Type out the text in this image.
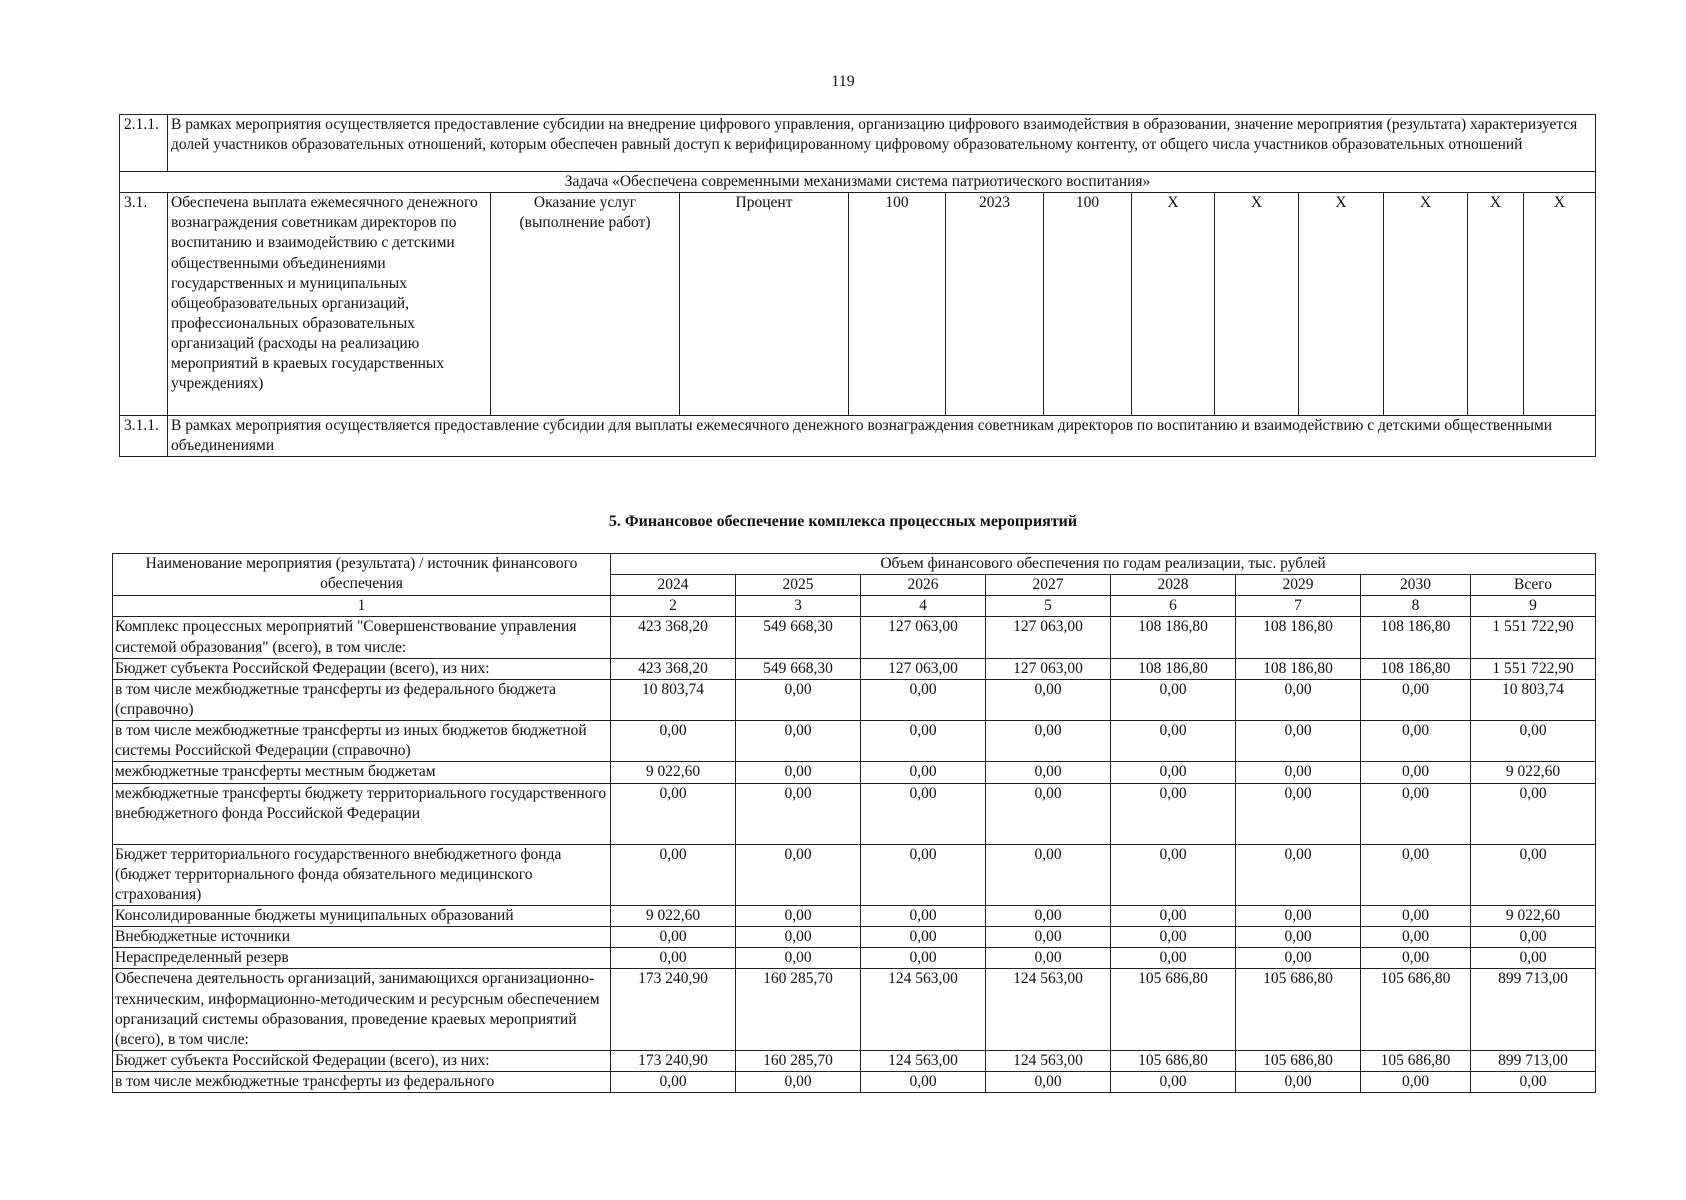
119
2.1.1.	В рамках мероприятия осуществляется предоставление субсидии на внедрение цифрового управления, организацию цифрового взаимодействия в образовании, значение мероприятия (результата) характеризуется долей участников образовательных отношений, которым обеспечен равный доступ к верифицированному цифровому образовательному контенту, от общего числа участников образовательных отношений											
Задача «Обеспечена современными механизмами система патриотического воспитания»												
3.1.	Обеспечена выплата ежемесячного денежного вознаграждения советникам директоров по воспитанию и взаимодействию с детскими общественными объединениями государственных и муниципальных общеобразовательных организаций, профессиональных образовательных организаций (расходы на реализацию мероприятий в краевых государственных учреждениях)	Оказание услуг (выполнение работ)	Процент	100	2023	100	Х	Х	Х	Х	Х	Х
3.1.1.	В рамках мероприятия осуществляется предоставление субсидии для выплаты ежемесячного денежного вознаграждения советникам директоров по воспитанию и взаимодействию с детскими общественными объединениями											
5. Финансовое обеспечение комплекса процессных мероприятий
Наименование мероприятия (результата) / источник финансового обеспечения	Объем финансового обеспечения по годам реализации, тыс. рублей							
	2024	2025	2026	2027	2028	2029	2030	Всего
1	2	3	4	5	6	7	8	9
Комплекс процессных мероприятий "Совершенствование управления системой образования" (всего), в том числе:	423 368,20	549 668,30	127 063,00	127 063,00	108 186,80	108 186,80	108 186,80	1 551 722,90
Бюджет субъекта Российской Федерации (всего), из них:	423 368,20	549 668,30	127 063,00	127 063,00	108 186,80	108 186,80	108 186,80	1 551 722,90
в том числе межбюджетные трансферты из федерального бюджета (справочно)	10 803,74	0,00	0,00	0,00	0,00	0,00	0,00	10 803,74
в том числе межбюджетные трансферты из иных бюджетов бюджетной системы Российской Федерации (справочно)	0,00	0,00	0,00	0,00	0,00	0,00	0,00	0,00
межбюджетные трансферты местным бюджетам	9 022,60	0,00	0,00	0,00	0,00	0,00	0,00	9 022,60
межбюджетные трансферты бюджету территориального государственного внебюджетного фонда Российской Федерации	0,00	0,00	0,00	0,00	0,00	0,00	0,00	0,00
Бюджет территориального государственного внебюджетного фонда (бюджет территориального фонда обязательного медицинского страхования)	0,00	0,00	0,00	0,00	0,00	0,00	0,00	0,00
Консолидированные бюджеты муниципальных образований	9 022,60	0,00	0,00	0,00	0,00	0,00	0,00	9 022,60
Внебюджетные источники	0,00	0,00	0,00	0,00	0,00	0,00	0,00	0,00
Нераспределенный резерв	0,00	0,00	0,00	0,00	0,00	0,00	0,00	0,00
Обеспечена деятельность организаций, занимающихся организационно-техническим, информационно-методическим и ресурсным обеспечением организаций системы образования, проведение краевых мероприятий (всего), в том числе:	173 240,90	160 285,70	124 563,00	124 563,00	105 686,80	105 686,80	105 686,80	899 713,00
Бюджет субъекта Российской Федерации (всего), из них:	173 240,90	160 285,70	124 563,00	124 563,00	105 686,80	105 686,80	105 686,80	899 713,00
в том числе межбюджетные трансферты из федерального	0,00	0,00	0,00	0,00	0,00	0,00	0,00	0,00
